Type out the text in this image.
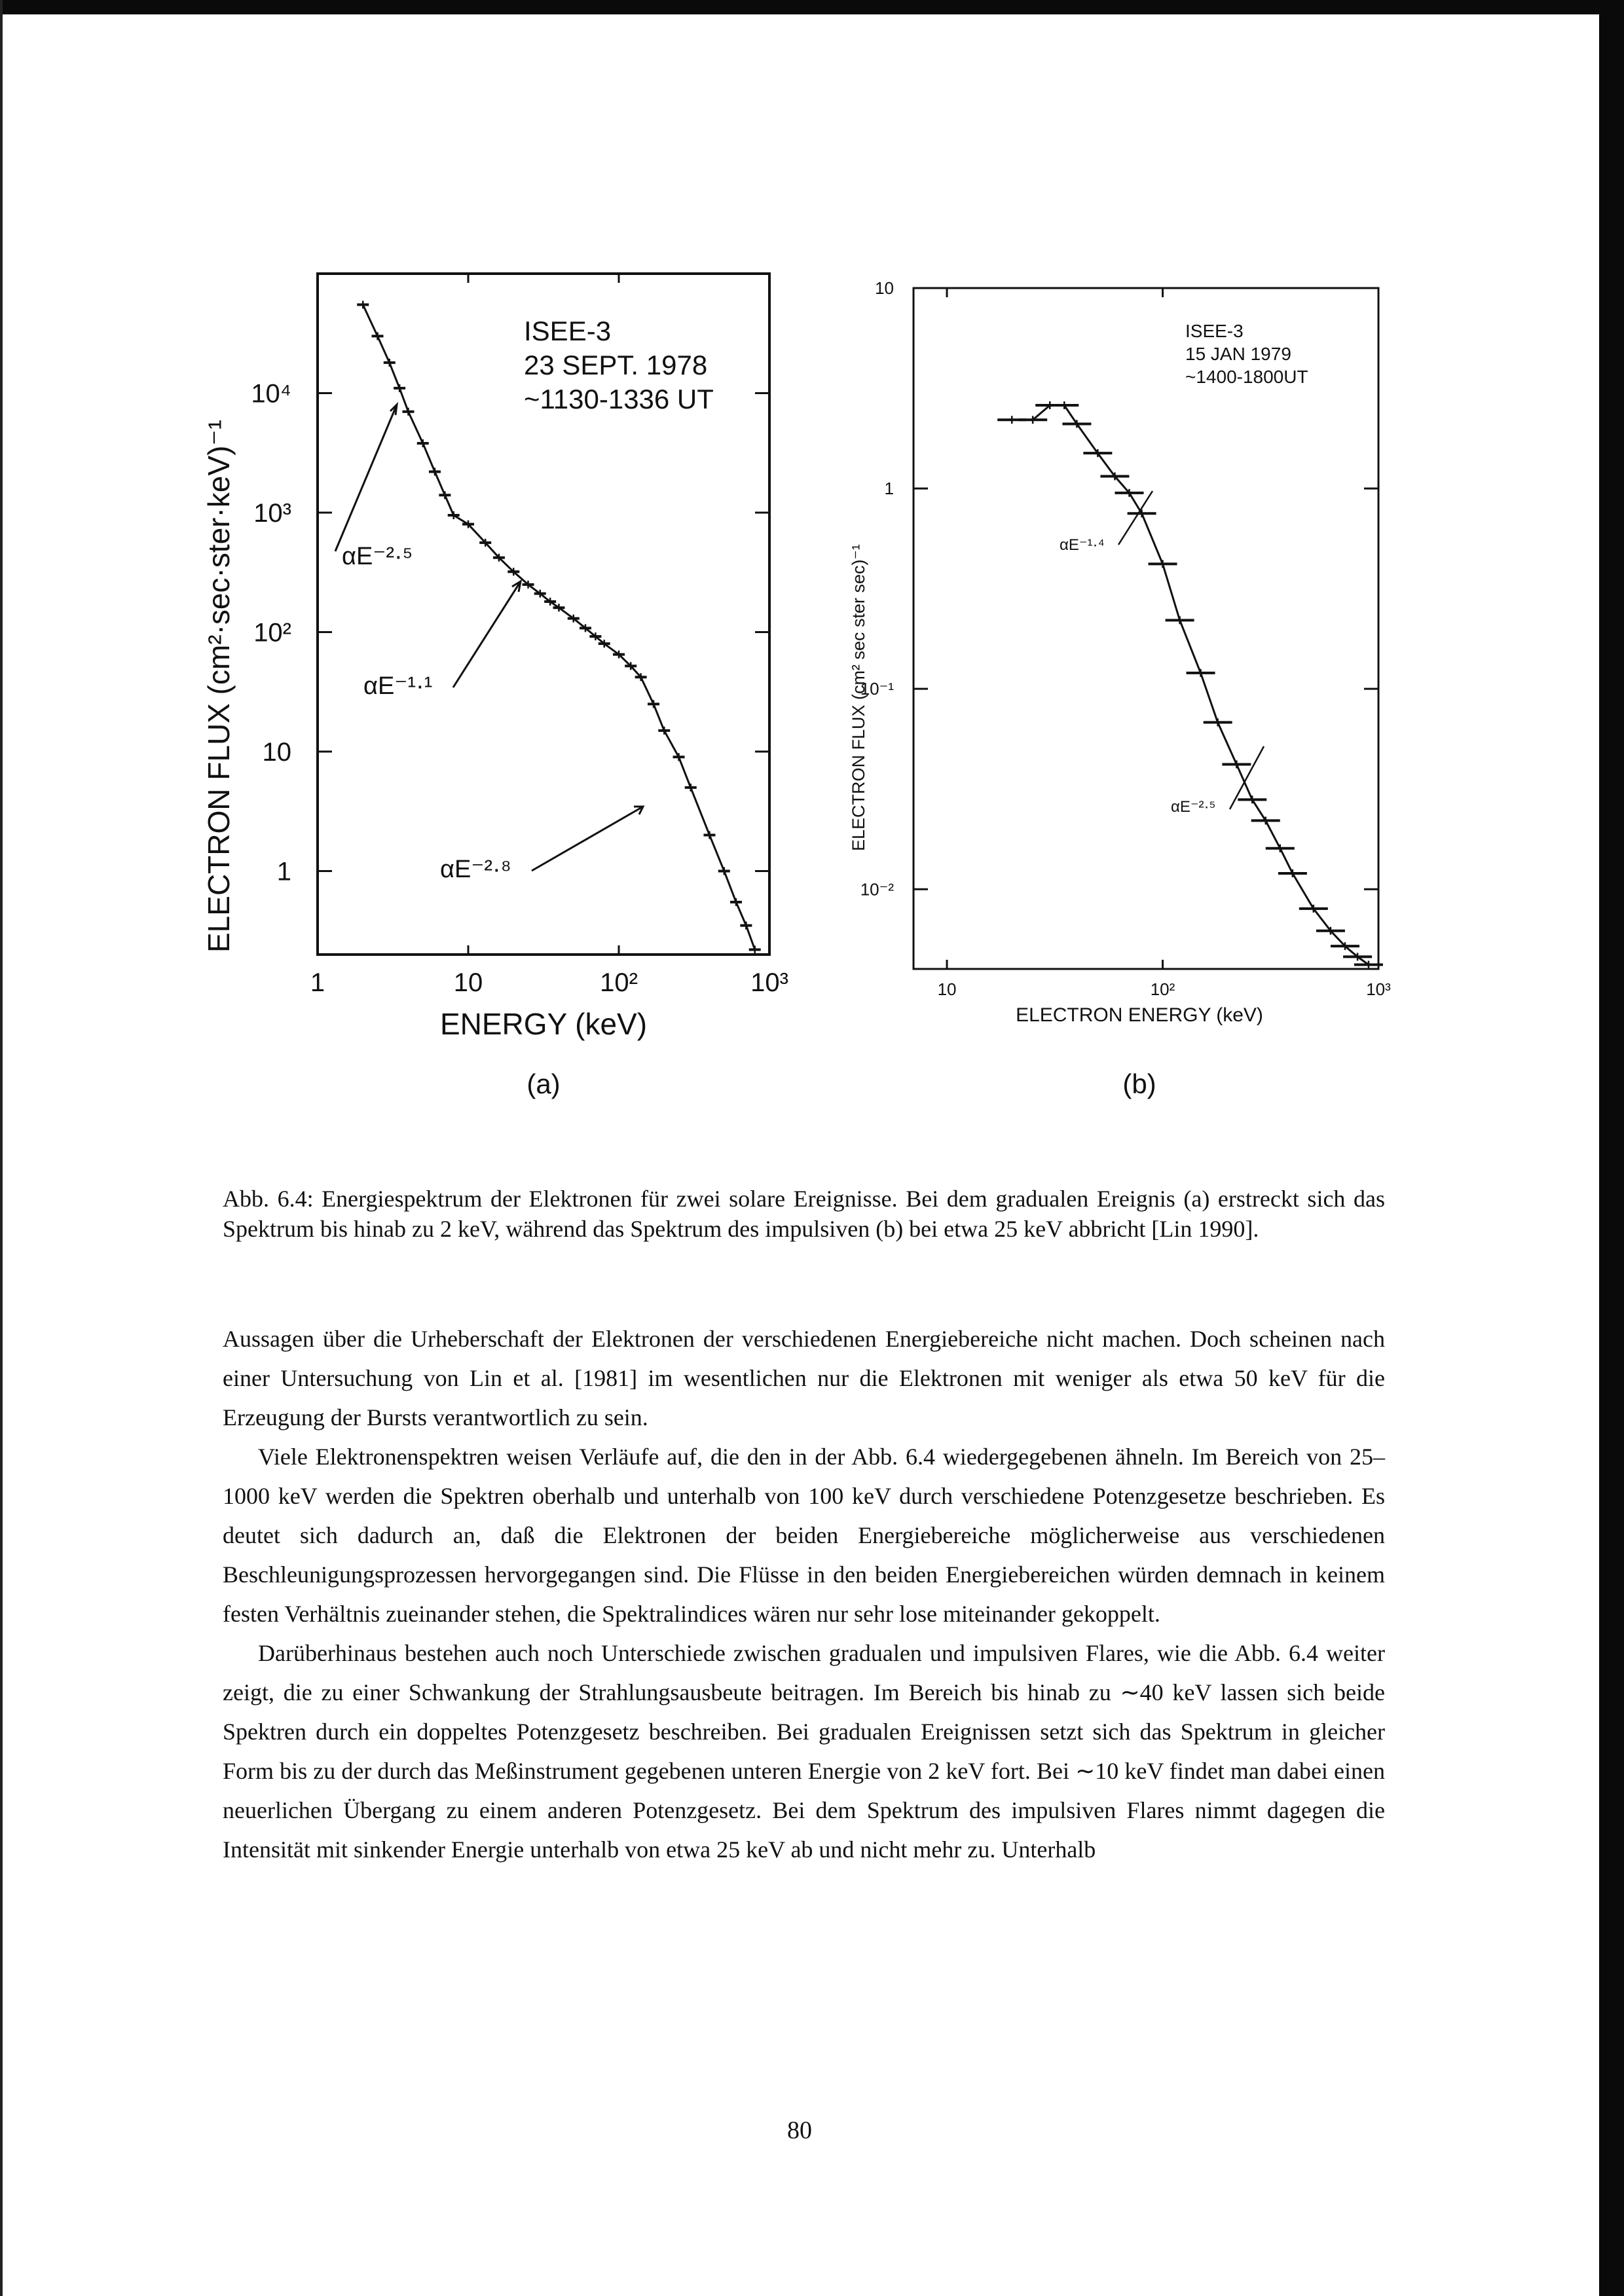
1	10	10²	10³
10⁴
10³
10²
10
1
ISEE-3
23 SEPT. 1978
~1130-1336 UT
αE⁻²·⁵
αE⁻¹·¹
αE⁻²·⁸
ELECTRON FLUX (cm²·sec·ster·keV)⁻¹
ENERGY (keV)
(a)
10	10²	10³
10
1
10⁻¹
10⁻²
ISEE-3
15 JAN 1979
~1400-1800UT
αE⁻¹·⁴
αE⁻²·⁵
ELECTRON FLUX (cm² sec ster sec)⁻¹
ELECTRON ENERGY (keV)
(b)
Abb. 6.4: Energiespektrum der Elektronen für zwei solare Ereignisse. Bei dem gradualen Ereignis (a) erstreckt sich das Spektrum bis hinab zu 2 keV, während das Spektrum des impulsiven (b) bei etwa 25 keV abbricht [Lin 1990].

Aussagen über die Urheberschaft der Elektronen der verschiedenen Energiebereiche nicht machen. Doch scheinen nach einer Untersuchung von Lin et al. [1981] im wesentlichen nur die Elektronen mit weniger als etwa 50 keV für die Erzeugung der Bursts verantwortlich zu sein.

Viele Elektronenspektren weisen Verläufe auf, die den in der Abb. 6.4 wiedergegebenen ähneln. Im Bereich von 25–1000 keV werden die Spektren oberhalb und unterhalb von 100 keV durch verschiedene Potenzgesetze beschrieben. Es deutet sich dadurch an, daß die Elektronen der beiden Energiebereiche möglicherweise aus verschiedenen Beschleunigungsprozessen hervorgegangen sind. Die Flüsse in den beiden Energiebereichen würden demnach in keinem festen Verhältnis zueinander stehen, die Spektralindices wären nur sehr lose miteinander gekoppelt.

Darüberhinaus bestehen auch noch Unterschiede zwischen gradualen und impulsiven Flares, wie die Abb. 6.4 weiter zeigt, die zu einer Schwankung der Strahlungsausbeute beitragen. Im Bereich bis hinab zu ∼40 keV lassen sich beide Spektren durch ein doppeltes Potenzgesetz beschreiben. Bei gradualen Ereignissen setzt sich das Spektrum in gleicher Form bis zu der durch das Meßinstrument gegebenen unteren Energie von 2 keV fort. Bei ∼10 keV findet man dabei einen neuerlichen Übergang zu einem anderen Potenzgesetz. Bei dem Spektrum des impulsiven Flares nimmt dagegen die Intensität mit sinkender Energie unterhalb von etwa 25 keV ab und nicht mehr zu. Unterhalb

80
